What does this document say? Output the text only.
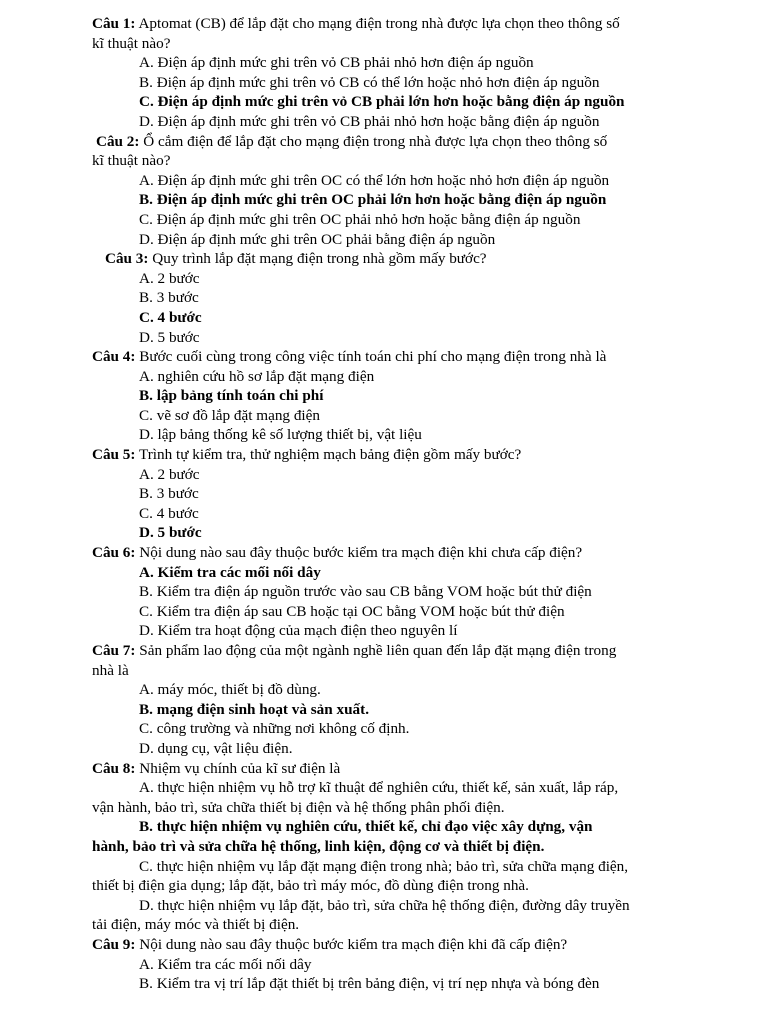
Câu 1: Aptomat (CB) để lắp đặt cho mạng điện trong nhà được lựa chọn theo thông số
kĩ thuật nào?
A. Điện áp định mức ghi trên vỏ CB phải nhỏ hơn điện áp nguồn
B. Điện áp định mức ghi trên vỏ CB có thể lớn hoặc nhỏ hơn điện áp nguồn
C. Điện áp định mức ghi trên vỏ CB phải lớn hơn hoặc bằng điện áp nguồn
D. Điện áp định mức ghi trên vỏ CB phải nhỏ hơn hoặc bằng điện áp nguồn
Câu 2: Ổ cắm điện để lắp đặt cho mạng điện trong nhà được lựa chọn theo thông số
kĩ thuật nào?
A. Điện áp định mức ghi trên OC có thể lớn hơn hoặc nhỏ hơn điện áp nguồn
B. Điện áp định mức ghi trên OC phải lớn hơn hoặc bằng điện áp nguồn
C. Điện áp định mức ghi trên OC phải nhỏ hơn hoặc bằng điện áp nguồn
D. Điện áp định mức ghi trên OC phải bằng điện áp nguồn
Câu 3: Quy trình lắp đặt mạng điện trong nhà gồm mấy bước?
A. 2 bước
B. 3 bước
C. 4 bước
D. 5 bước
Câu 4: Bước cuối cùng trong công việc tính toán chi phí cho mạng điện trong nhà là
A. nghiên cứu hồ sơ lắp đặt mạng điện
B. lập bảng tính toán chi phí
C. vẽ sơ đồ lắp đặt mạng điện
D. lập bảng thống kê số lượng thiết bị, vật liệu
Câu 5: Trình tự kiểm tra, thử nghiệm mạch bảng điện gồm mấy bước?
A. 2 bước
B. 3 bước
C. 4 bước
D. 5 bước
Câu 6: Nội dung nào sau đây thuộc bước kiểm tra mạch điện khi chưa cấp điện?
A. Kiểm tra các mối nối dây
B. Kiểm tra điện áp nguồn trước vào sau CB bằng VOM hoặc bút thử điện
C. Kiểm tra điện áp sau CB hoặc tại OC bằng VOM hoặc bút thử điện
D. Kiểm tra hoạt động của mạch điện theo nguyên lí
Câu 7: Sản phẩm lao động của một ngành nghề liên quan đến lắp đặt mạng điện trong
nhà là
A. máy móc, thiết bị đồ dùng.
B. mạng điện sinh hoạt và sản xuất.
C. công trường và những nơi không cố định.
D. dụng cụ, vật liệu điện.
Câu 8: Nhiệm vụ chính của kĩ sư điện là
A. thực hiện nhiệm vụ hỗ trợ kĩ thuật để nghiên cứu, thiết kế, sản xuất, lắp ráp,
vận hành, bảo trì, sửa chữa thiết bị điện và hệ thống phân phối điện.
B. thực hiện nhiệm vụ nghiên cứu, thiết kế, chỉ đạo việc xây dựng, vận
hành, bảo trì và sửa chữa hệ thống, linh kiện, động cơ và thiết bị điện.
C. thực hiện nhiệm vụ lắp đặt mạng điện trong nhà; bảo trì, sửa chữa mạng điện,
thiết bị điện gia dụng; lắp đặt, bảo trì máy móc, đồ dùng điện trong nhà.
D. thực hiện nhiệm vụ lắp đặt, bảo trì, sửa chữa hệ thống điện, đường dây truyền
tải điện, máy móc và thiết bị điện.
Câu 9: Nội dung nào sau đây thuộc bước kiểm tra mạch điện khi đã cấp điện?
A. Kiểm tra các mối nối dây
B. Kiểm tra vị trí lắp đặt thiết bị trên bảng điện, vị trí nẹp nhựa và bóng đèn
